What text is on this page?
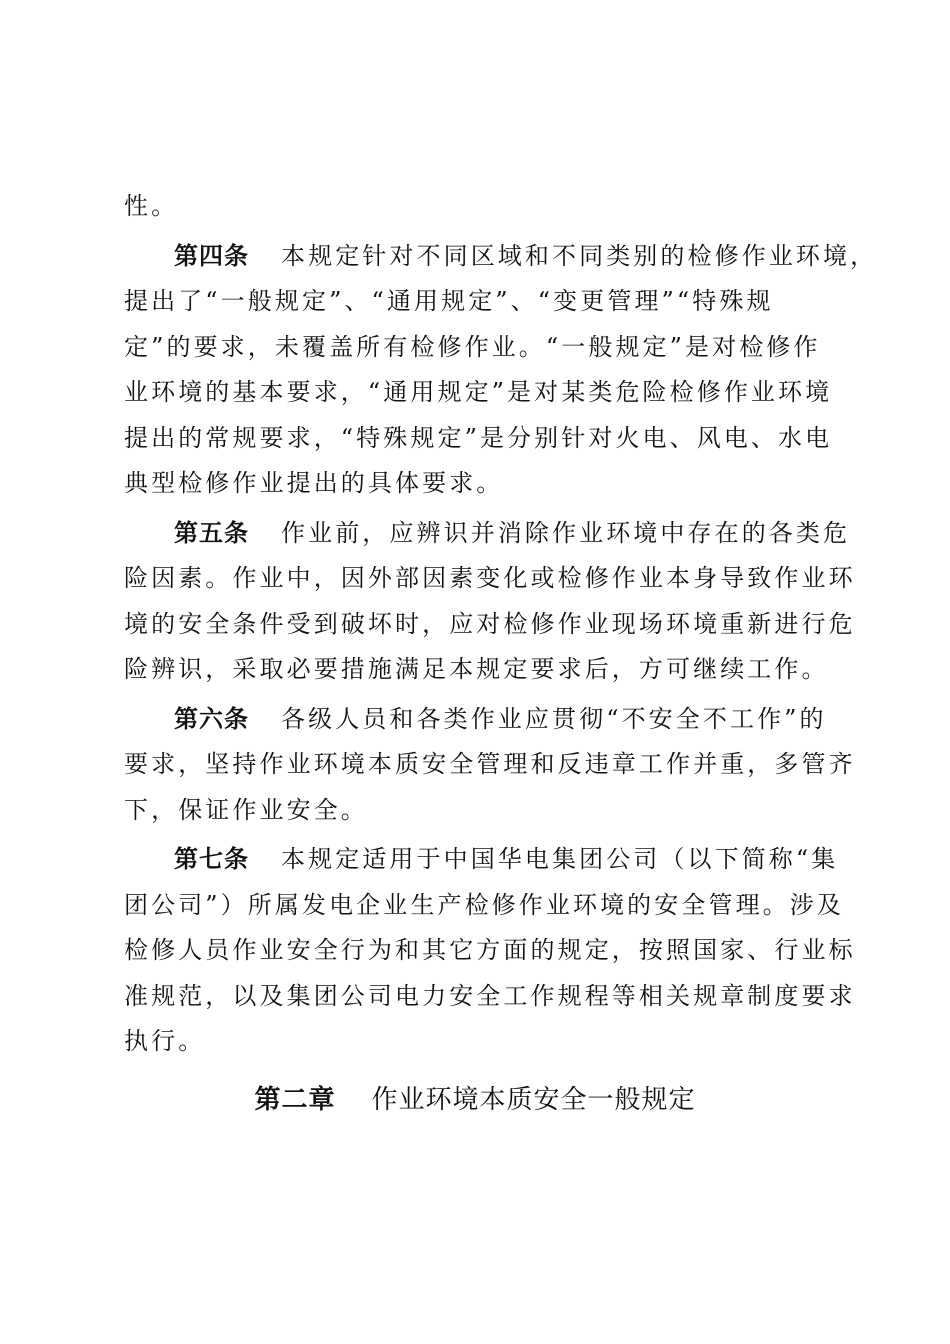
性。
第四条 本规定针对不同区域和不同类别的检修作业环境，
提出了“一般规定”、“通用规定”、“变更管理”“特殊规
定”的要求，未覆盖所有检修作业。“一般规定”是对检修作
业环境的基本要求，“通用规定”是对某类危险检修作业环境
提出的常规要求，“特殊规定”是分别针对火电、风电、水电
典型检修作业提出的具体要求。
第五条 作业前，应辨识并消除作业环境中存在的各类危
险因素。作业中，因外部因素变化或检修作业本身导致作业环
境的安全条件受到破坏时，应对检修作业现场环境重新进行危
险辨识，采取必要措施满足本规定要求后，方可继续工作。
第六条 各级人员和各类作业应贯彻“不安全不工作”的
要求，坚持作业环境本质安全管理和反违章工作并重，多管齐
下，保证作业安全。
第七条 本规定适用于中国华电集团公司（以下简称“集
团公司”）所属发电企业生产检修作业环境的安全管理。涉及
检修人员作业安全行为和其它方面的规定，按照国家、行业标
准规范，以及集团公司电力安全工作规程等相关规章制度要求
执行。
第二章 作业环境本质安全一般规定
